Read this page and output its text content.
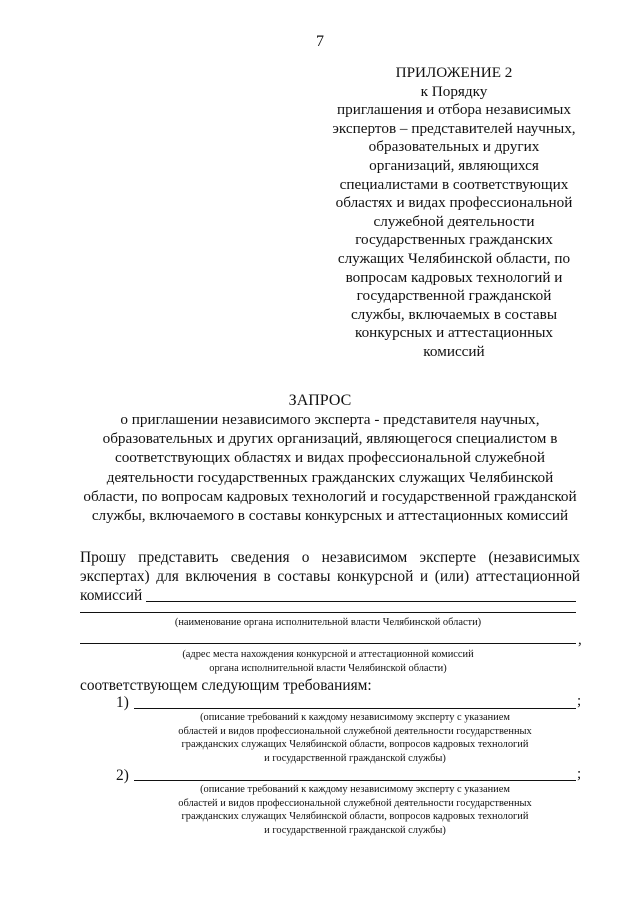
7
ПРИЛОЖЕНИЕ 2
к Порядку
приглашения и отбора независимых
экспертов – представителей научных,
образовательных и других
организаций, являющихся
специалистами в соответствующих
областях и видах профессиональной
служебной деятельности
государственных гражданских
служащих Челябинской области, по
вопросам кадровых технологий и
государственной гражданской
службы, включаемых в составы
конкурсных и аттестационных
комиссий
ЗАПРОС
о приглашении независимого эксперта - представителя научных,
образовательных и других организаций, являющегося специалистом в
соответствующих областях и видах профессиональной служебной
деятельности государственных гражданских служащих Челябинской
области, по вопросам кадровых технологий и государственной гражданской
службы, включаемого в составы конкурсных и аттестационных комиссий
Прошу представить сведения о независимом эксперте (независимых
экспертах) для включения в составы конкурсной и (или) аттестационной
комиссий
(наименование органа исполнительной власти Челябинской области)
,
(адрес места нахождения конкурсной и аттестационной комиссий
органа исполнительной власти Челябинской области)
соответствующем следующим требованиям:
1)	;
(описание требований к каждому независимому эксперту с указанием
областей и видов профессиональной служебной деятельности государственных
гражданских служащих Челябинской области, вопросов кадровых технологий
и государственной гражданской службы)
2)	;
(описание требований к каждому независимому эксперту с указанием
областей и видов профессиональной служебной деятельности государственных
гражданских служащих Челябинской области, вопросов кадровых технологий
и государственной гражданской службы)
